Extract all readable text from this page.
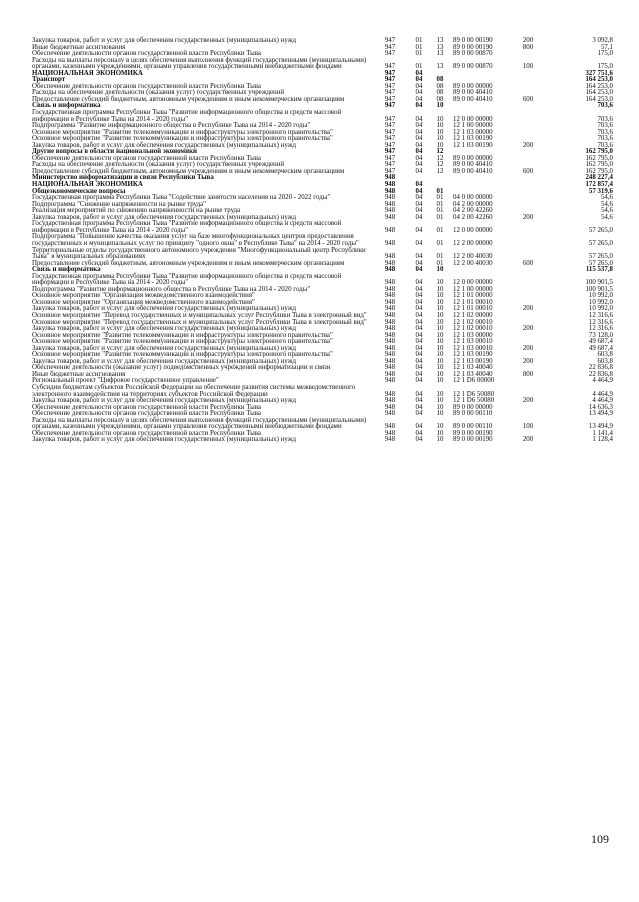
Закупка товаров, работ и услуг для обеспечения государственных (муниципальных) нужд	947	01	13	89 0 00 00190	200	3 092,8
Иные бюджетные ассигнования	947	01	13	89 0 00 00190	800	57,1
Обеспечение деятельности органов государственной власти Республики Тыва	947	01	13	89 0 00 00870	175,0
Расходы на выплаты персоналу в целях обеспечения выполнения функций государственными (муниципальными) органами, казенными учреждениями, органами управления государственными внебюджетными фондами	947	01	13	89 0 00 00870	100	175,0
НАЦИОНАЛЬНАЯ ЭКОНОМИКА	947	04	327 751,6
Транспорт	947	04	08	164 253,0
Обеспечение деятельности органов государственной власти Республики Тыва	947	04	08	89 0 00 00000	164 253,0
Расходы на обеспечение деятельности (оказания услуг) государственных учреждений	947	04	08	89 0 00 40410	164 253,0
Предоставление субсидий бюджетным, автономным учреждениям и иным некоммерческим организациям	947	04	08	89 0 00 40410	600	164 253,0
Связь и информатика	947	04	10	703,6
Государственная программа Республики Тыва "Развитие информационного общества и средств массовой информации в Республике Тыва на 2014 - 2020 годы"	947	04	10	12 0 00 00000	703,6
Подпрограмма "Развитие информационного общества в Республике Тыва на 2014 - 2020 годы"	947	04	10	12 1 00 00000	703,6
Основное мероприятие "Развитие телекоммуникации и инфраструктуры электронного правительства"	947	04	10	12 1 03 00000	703,6
Основное мероприятие "Развитие телекоммуникации и инфраструктуры электронного правительства"	947	04	10	12 1 03 00190	703,6
Закупка товаров, работ и услуг для обеспечения государственных (муниципальных) нужд	947	04	10	12 1 03 00190	200	703,6
Другие вопросы в области национальной экономики	947	04	12	162 795,0
Обеспечение деятельности органов государственной власти Республики Тыва	947	04	12	89 0 00 00000	162 795,0
Расходы на обеспечение деятельности (оказания услуг) государственных учреждений	947	04	12	89 0 00 40410	162 795,0
Предоставление субсидий бюджетным, автономным учреждениям и иным некоммерческим организациям	947	04	12	89 0 00 40410	600	162 795,0
Министерство информатизации и связи Республики Тыва	948	248 227,4
НАЦИОНАЛЬНАЯ ЭКОНОМИКА	948	04	172 857,4
Общеэкономические вопросы	948	04	01	57 319,6
Государственная программа Республики Тыва "Содействие занятости населения на 2020 - 2022 годы"	948	04	01	04 0 00 00000	54,6
Подпрограмма "Снижение напряженности на рынке труда"	948	04	01	04 2 00 00000	54,6
Реализация мероприятий по снижению напряженности на рынке труда	948	04	01	04 2 00 42260	54,6
Закупка товаров, работ и услуг для обеспечения государственных (муниципальных) нужд	948	04	01	04 2 00 42260	200	54,6
Государственная программа Республики Тыва "Развитие информационного общества и средств массовой информации в Республике Тыва на 2014 - 2020 годы"	948	04	01	12 0 00 00000	57 265,0
Подпрограмма "Повышение качества оказания услуг на базе многофункциональных центров предоставления государственных и муниципальных услуг по принципу "одного окна" в Республике Тыва" на 2014 - 2020 годы"	948	04	01	12 2 00 00000	57 265,0
Территориальные отделы государственного автономного учреждения "Многофункциональный центр Республики Тыва" в муниципальных образованиях	948	04	01	12 2 00 40030	57 265,0
Предоставление субсидий бюджетным, автономным учреждениям и иным некоммерческим организациям	948	04	01	12 2 00 40030	600	57 265,0
Связь и информатика	948	04	10	115 537,8
Государственная программа Республики Тыва "Развитие информационного общества и средств массовой информации в Республике Тыва на 2014 - 2020 годы"	948	04	10	12 0 00 00000	100 901,5
Подпрограмма "Развитие информационного общества в Республике Тыва на 2014 - 2020 годы"	948	04	10	12 1 00 00000	100 901,5
Основное мероприятие "Организация межведомственного взаимодействия"	948	04	10	12 1 01 00000	10 992,0
Основное мероприятие "Организация межведомственного взаимодействия"	948	04	10	12 1 01 00010	10 992,0
Закупка товаров, работ и услуг для обеспечения государственных (муниципальных) нужд	948	04	10	12 1 01 00010	200	10 992,0
Основное мероприятие "Перевод государственных и муниципальных услуг Республики Тыва в электронный вид"	948	04	10	12 1 02 00000	12 316,6
Основное мероприятие "Перевод государственных и муниципальных услуг Республики Тыва в электронный вид"	948	04	10	12 1 02 00010	12 316,6
Закупка товаров, работ и услуг для обеспечения государственных (муниципальных) нужд	948	04	10	12 1 02 00010	200	12 316,6
Основное мероприятие "Развитие телекоммуникации и инфраструктуры электронного правительства"	948	04	10	12 1 03 00000	73 128,0
Основное мероприятие "Развитие телекоммуникации и инфраструктуры электронного правительства"	948	04	10	12 1 03 00010	49 687,4
Закупка товаров, работ и услуг для обеспечения государственных (муниципальных) нужд	948	04	10	12 1 03 00010	200	49 687,4
Основное мероприятие "Развитие телекоммуникации и инфраструктуры электронного правительства"	948	04	10	12 1 03 00190	603,8
Закупка товаров, работ и услуг для обеспечения государственных (муниципальных) нужд	948	04	10	12 1 03 00190	200	603,8
Обеспечение деятельности (оказание услуг) подведомственных учреждений информатизации и связи	948	04	10	12 1 03 40040	22 836,8
Иные бюджетные ассигнования	948	04	10	12 1 03 40040	800	22 836,8
Региональный проект "Цифровое государственное управление"	948	04	10	12 1 D6 00000	4 464,9
Субсидии бюджетам субъектов Российской Федерации на обеспечение развития системы межведомственного электронного взаимодействия на территориях субъектов Российской Федерации	948	04	10	12 1 D6 50080	4 464,9
Закупка товаров, работ и услуг для обеспечения государственных (муниципальных) нужд	948	04	10	12 1 D6 50080	200	4 464,9
Обеспечение деятельности органов государственной власти Республики Тыва	948	04	10	89 0 00 00000	14 636,3
Обеспечение деятельности органов государственной власти Республики Тыва	948	04	10	89 0 00 00110	13 494,9
Расходы на выплаты персоналу в целях обеспечения выполнения функций государственными (муниципальными) органами, казенными учреждениями, органами управления государственными внебюджетными фондами	948	04	10	89 0 00 00110	100	13 494,9
Обеспечение деятельности органов государственной власти Республики Тыва	948	04	10	89 0 00 00190	1 141,4
Закупка товаров, работ и услуг для обеспечения государственных (муниципальных) нужд	948	04	10	89 0 00 00190	200	1 128,4
109
